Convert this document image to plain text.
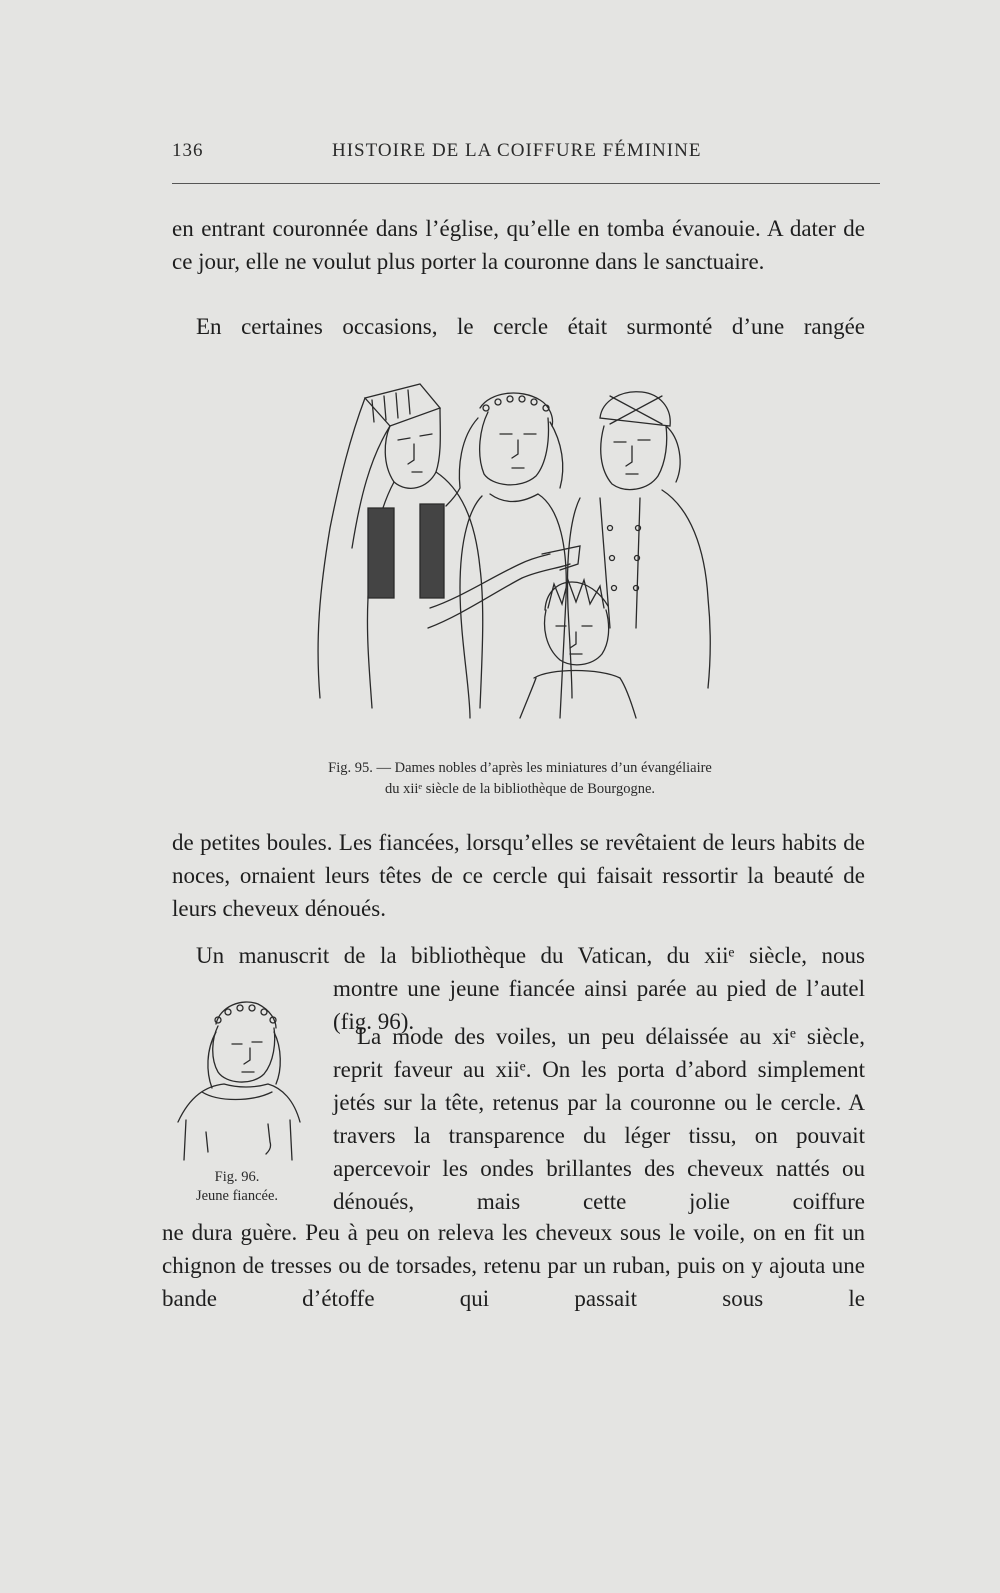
136	HISTOIRE DE LA COIFFURE FÉMININE

en entrant couronnée dans l’église, qu’elle en tomba évanouie. A dater de ce jour, elle ne voulut plus porter la couronne dans le sanctuaire.

En certaines occasions, le cercle était surmonté d’une rangée

Fig. 95. — Dames nobles d’après les miniatures d’un évangéliaire
du xiiᵉ siècle de la bibliothèque de Bourgogne.

de petites boules. Les fiancées, lorsqu’elles se revêtaient de leurs habits de noces, ornaient leurs têtes de ce cercle qui faisait ressortir la beauté de leurs cheveux dénoués.

Un manuscrit de la bibliothèque du Vatican, du xiiᵉ siècle, nous

montre une jeune fiancée ainsi parée au pied de l’autel (fig. 96).

Fig. 96.
Jeune fiancée.

La mode des voiles, un peu délaissée au xiᵉ siècle, reprit faveur au xiiᵉ. On les porta d’abord simplement jetés sur la tête, retenus par la couronne ou le cercle. A travers la transparence du léger tissu, on pouvait apercevoir les ondes brillantes des cheveux nattés ou dénoués, mais cette jolie coiffure

ne dura guère. Peu à peu on releva les cheveux sous le voile, on en fit un chignon de tresses ou de torsades, retenu par un ruban, puis on y ajouta une bande d’étoffe qui passait sous le
